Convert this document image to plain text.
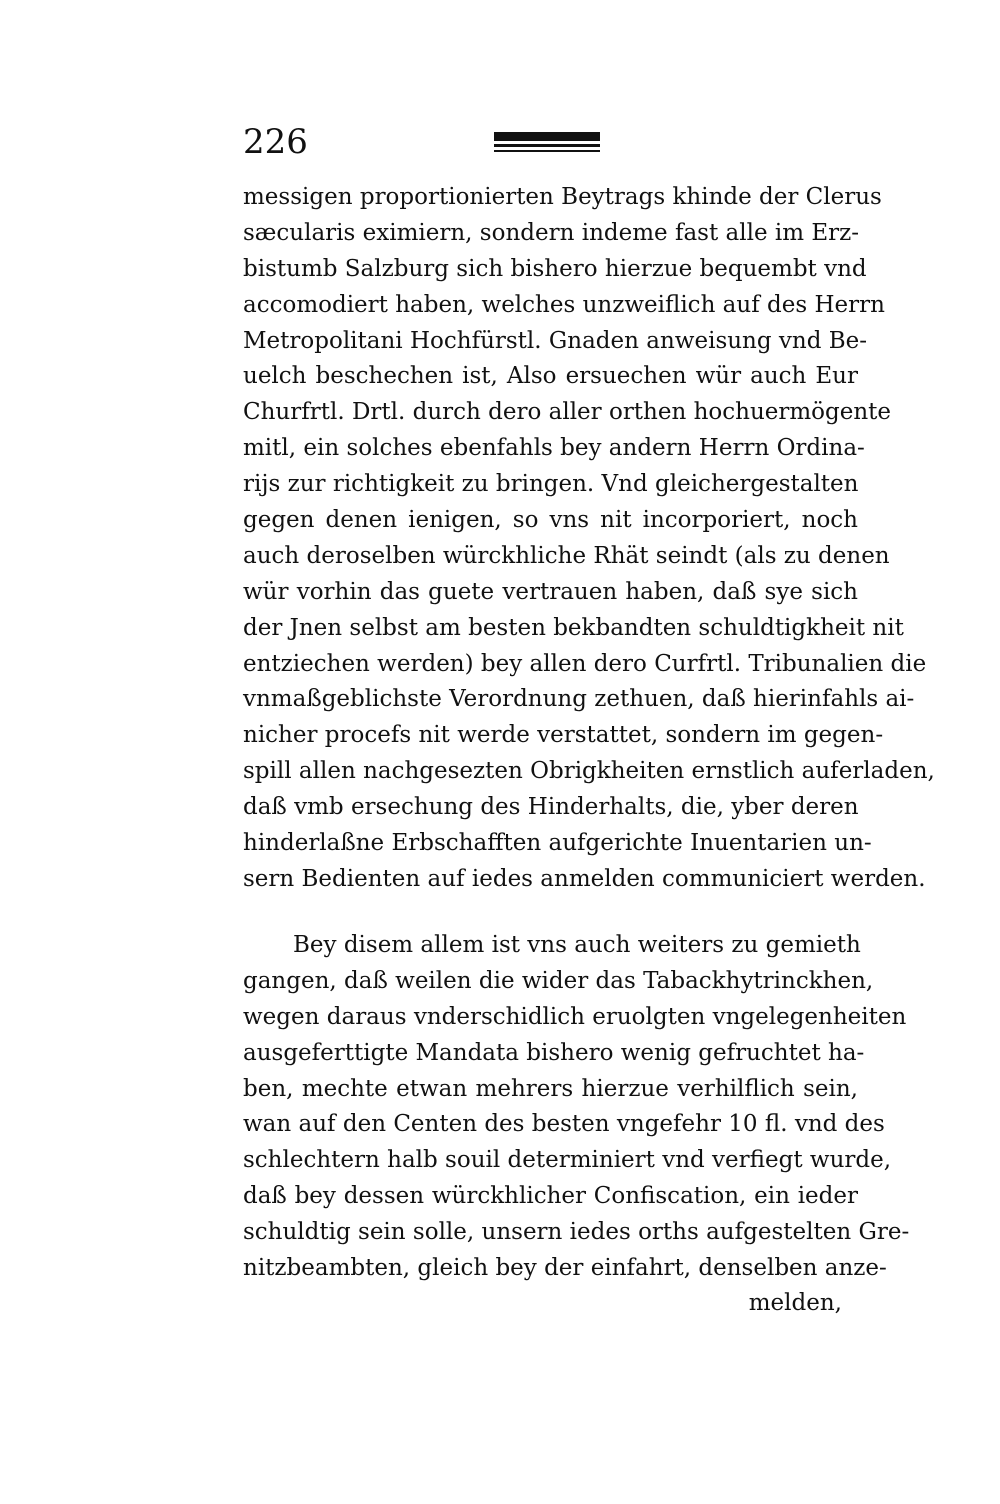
226
messigen proportionierten Beytrags khinde der Clerus
sæcularis eximiern, sondern indeme fast alle im Erz-
bistumb Salzburg sich bishero hierzue bequembt vnd
accomodiert haben, welches unzweiflich auf des Herrn
Metropolitani Hochfürstl. Gnaden anweisung vnd Be-
uelch beschechen ist, Also ersuechen wür auch Eur
Churfrtl. Drtl. durch dero aller orthen hochuermögente
mitl, ein solches ebenfahls bey andern Herrn Ordina-
rijs zur richtigkeit zu bringen. Vnd gleichergestalten
gegen denen ienigen, so vns nit incorporiert, noch
auch deroselben würckhliche Rhät seindt (als zu denen
wür vorhin das guete vertrauen haben, daß sye sich
der Jnen selbst am besten bekbandten schuldtigkheit nit
entziechen werden) bey allen dero Curfrtl. Tribunalien die
vnmaßgeblichste Verordnung zethuen, daß hierinfahls ai-
nicher procefs nit werde verstattet, sondern im gegen-
spill allen nachgesezten Obrigkheiten ernstlich auferladen,
daß vmb ersechung des Hinderhalts, die, yber deren
hinderlaßne Erbschafften aufgerichte Inuentarien un-
sern Bedienten auf iedes anmelden communiciert werden.
Bey disem allem ist vns auch weiters zu gemieth
gangen, daß weilen die wider das Tabackhytrinckhen,
wegen daraus vnderschidlich eruolgten vngelegenheiten
ausgeferttigte Mandata bishero wenig gefruchtet ha-
ben, mechte etwan mehrers hierzue verhilflich sein,
wan auf den Centen des besten vngefehr 10 fl. vnd des
schlechtern halb souil determiniert vnd verfiegt wurde,
daß bey dessen würckhlicher Confiscation, ein ieder
schuldtig sein solle, unsern iedes orths aufgestelten Gre-
nitzbeambten, gleich bey der einfahrt, denselben anze-
melden,
